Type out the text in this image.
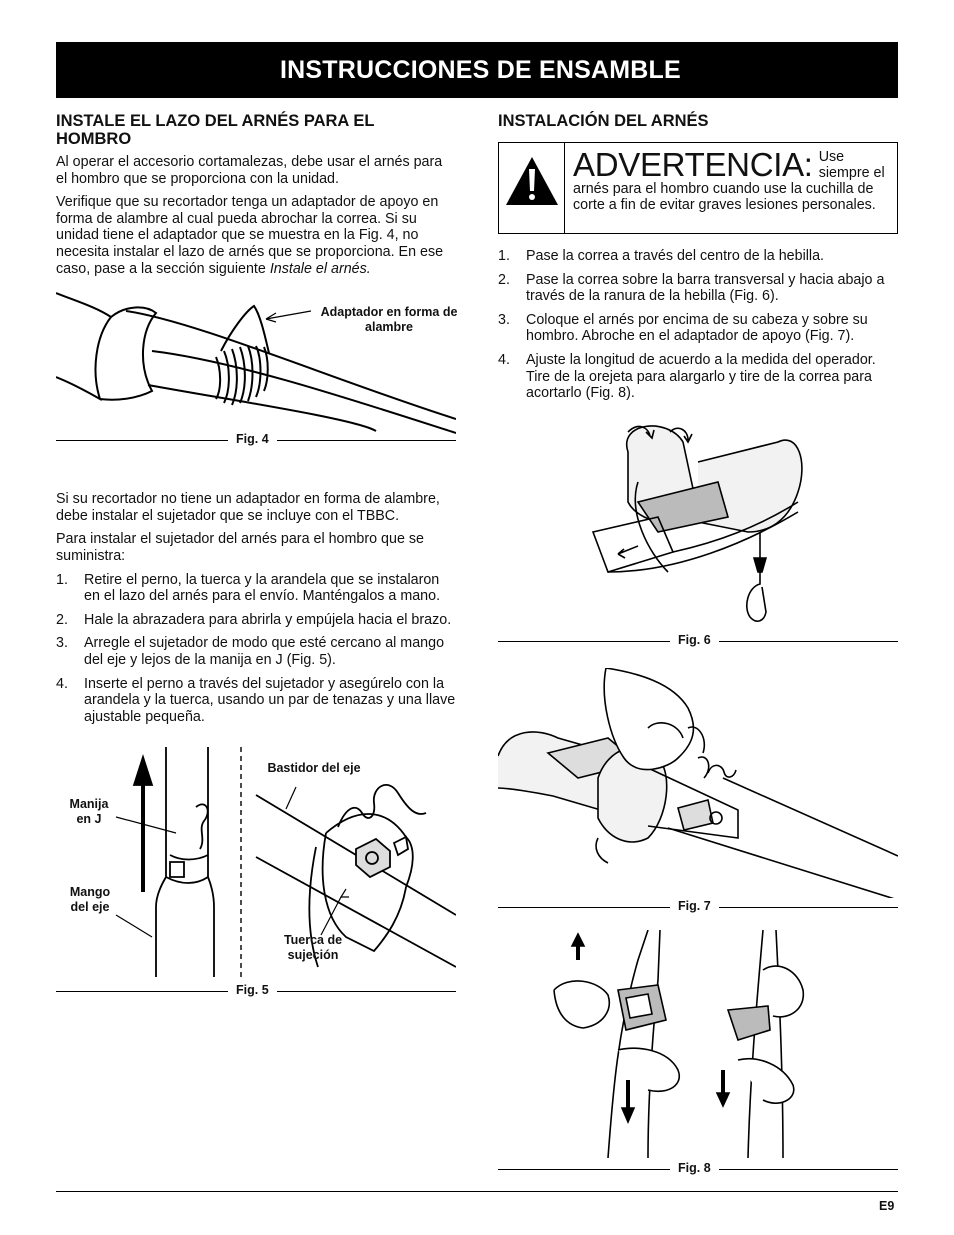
INSTRUCCIONES DE ENSAMBLE
INSTALE EL LAZO DEL ARNÉS PARA EL HOMBRO

Al operar el accesorio cortamalezas, debe usar el arnés para el hombro que se proporciona con la unidad.

Verifique que su recortador tenga un adaptador de apoyo en forma de alambre al cual pueda abrochar la correa. Si su unidad tiene el adaptador que se muestra en la Fig. 4, no necesita instalar el lazo de arnés que se proporciona. En ese caso, pase a la sección siguiente Instale el arnés.

Adaptador en forma de alambre
Fig. 4

Si su recortador no tiene un adaptador en forma de alambre, debe instalar el sujetador que se incluye con el TBBC.

Para instalar el sujetador del arnés para el hombro que se suministra:

1. Retire el perno, la tuerca y la arandela que se instalaron en el lazo del arnés para el envío. Manténgalos a mano.
2. Hale la abrazadera para abrirla y empújela hacia el brazo.
3. Arregle el sujetador de modo que esté cercano al mango del eje y lejos de la manija en J (Fig. 5).
4. Inserte el perno a través del sujetador y asegúrelo con la arandela y la tuerca, usando un par de tenazas y una llave ajustable pequeña.
Manija en J
Mango del eje
Bastidor del eje
Tuerca de sujeción
Fig. 5
INSTALACIÓN DEL ARNÉS
ADVERTENCIA: Use siempre el arnés para el hombro cuando use la cuchilla de corte a fin de evitar graves lesiones personales.
1. Pase la correa a través del centro de la hebilla.
2. Pase la correa sobre la barra transversal y hacia abajo a través de la ranura de la hebilla (Fig. 6).
3. Coloque el arnés por encima de su cabeza y sobre su hombro. Abroche en el adaptador de apoyo (Fig. 7).
4. Ajuste la longitud de acuerdo a la medida del operador. Tire de la orejeta para alargarlo y tire de la correa para acortarlo (Fig. 8).
Fig. 6
Fig. 7
Fig. 8
E9
